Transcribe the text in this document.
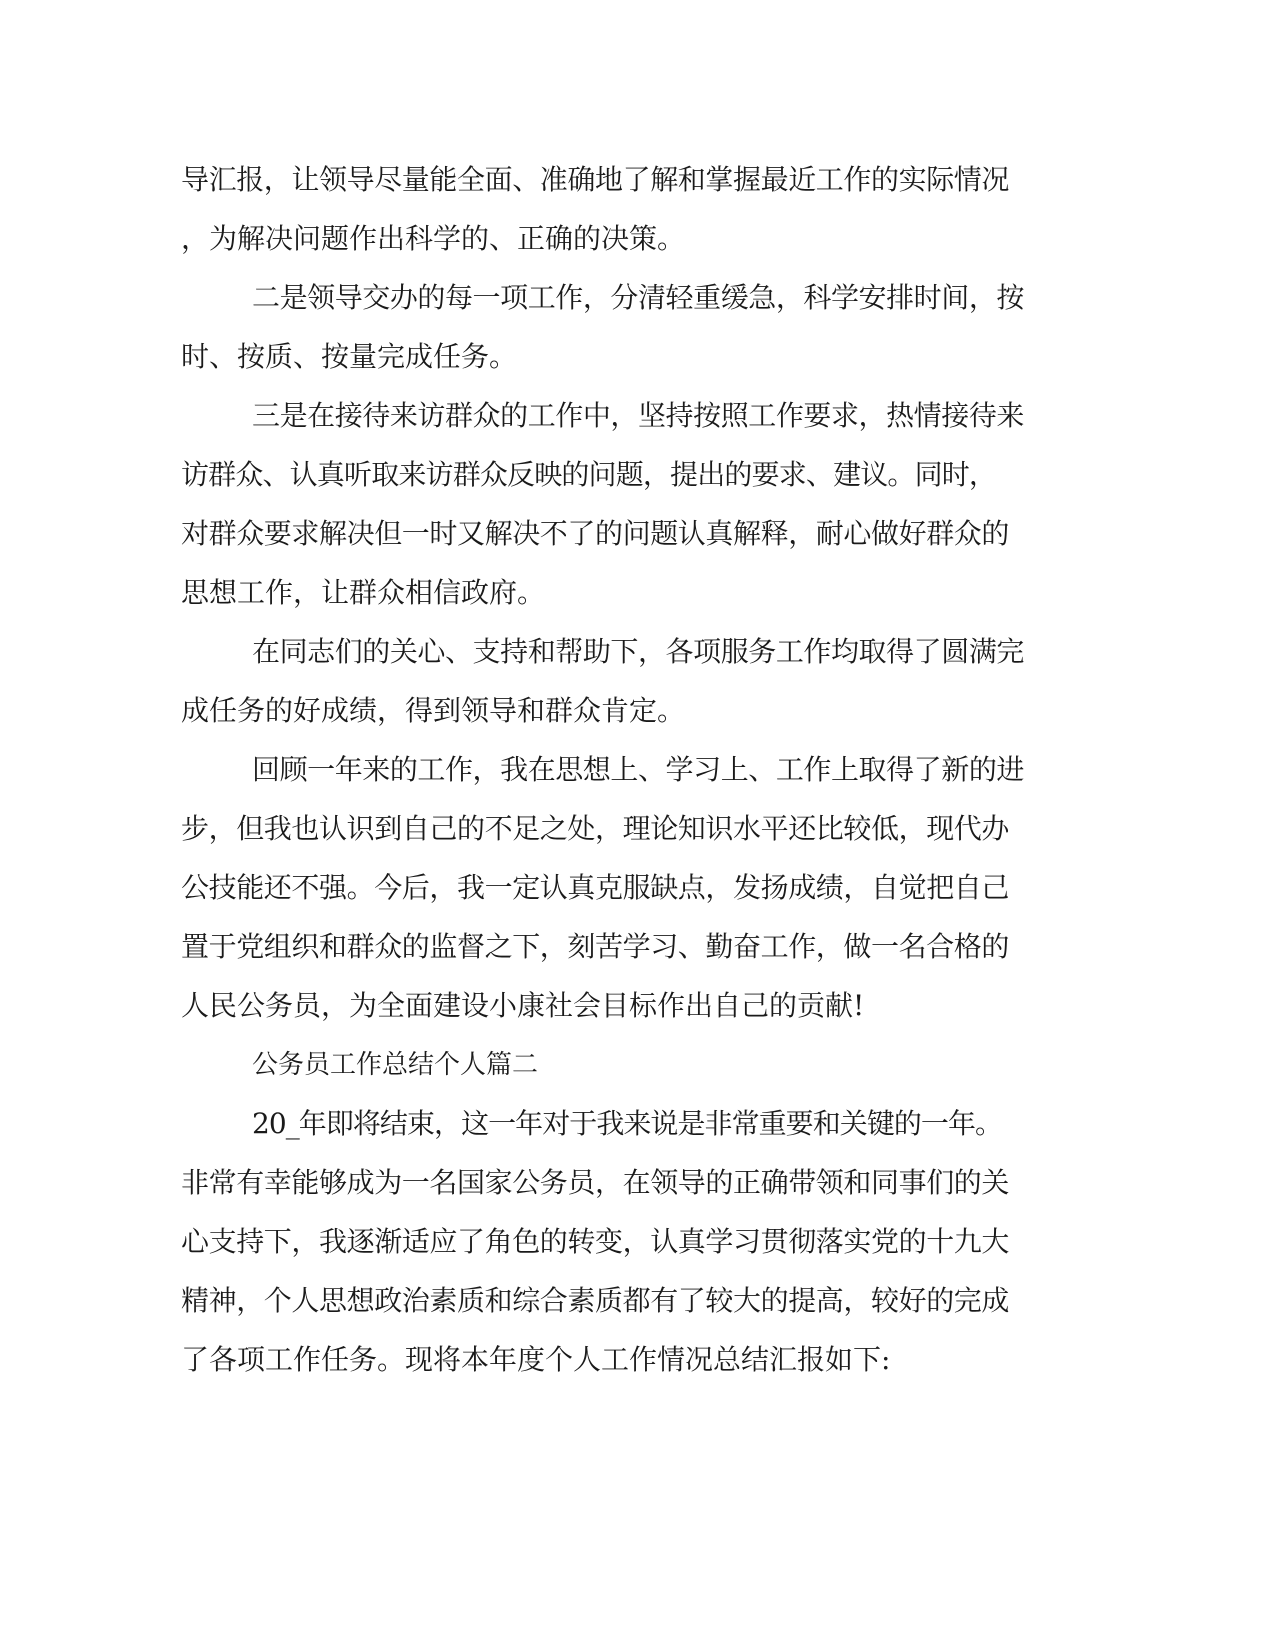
导汇报，让领导尽量能全面、准确地了解和掌握最近工作的实际情况
，为解决问题作出科学的、正确的决策。
二是领导交办的每一项工作，分清轻重缓急，科学安排时间，按
时、按质、按量完成任务。
三是在接待来访群众的工作中，坚持按照工作要求，热情接待来
访群众、认真听取来访群众反映的问题，提出的要求、建议。同时，
对群众要求解决但一时又解决不了的问题认真解释，耐心做好群众的
思想工作，让群众相信政府。
在同志们的关心、支持和帮助下，各项服务工作均取得了圆满完
成任务的好成绩，得到领导和群众肯定。
回顾一年来的工作，我在思想上、学习上、工作上取得了新的进
步，但我也认识到自己的不足之处，理论知识水平还比较低，现代办
公技能还不强。今后，我一定认真克服缺点，发扬成绩，自觉把自己
置于党组织和群众的监督之下，刻苦学习、勤奋工作，做一名合格的
人民公务员，为全面建设小康社会目标作出自己的贡献!
公务员工作总结个人篇二
20_年即将结束，这一年对于我来说是非常重要和关键的一年。
非常有幸能够成为一名国家公务员，在领导的正确带领和同事们的关
心支持下，我逐渐适应了角色的转变，认真学习贯彻落实党的十九大
精神，个人思想政治素质和综合素质都有了较大的提高，较好的完成
了各项工作任务。现将本年度个人工作情况总结汇报如下:
